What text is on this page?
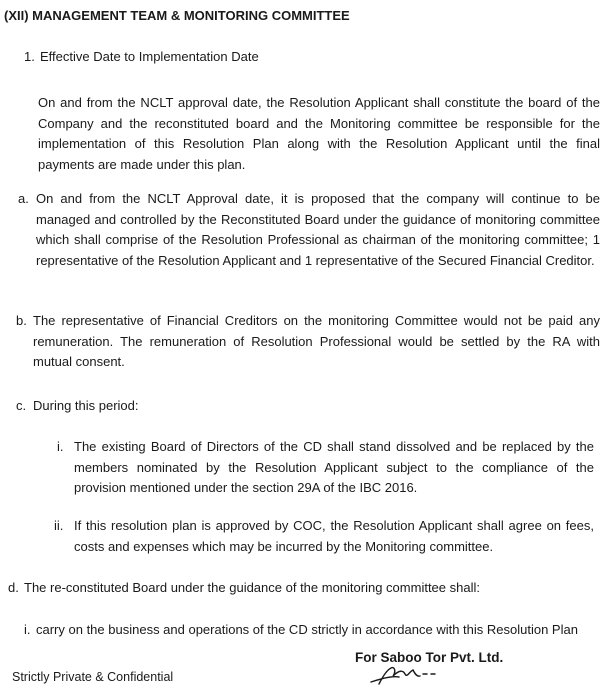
(XII) MANAGEMENT TEAM & MONITORING COMMITTEE
1. Effective Date to Implementation Date

On and from the NCLT approval date, the Resolution Applicant shall constitute the board of the Company and the reconstituted board and the Monitoring committee be responsible for the implementation of this Resolution Plan along with the Resolution Applicant until the final payments are made under this plan.

a. On and from the NCLT Approval date, it is proposed that the company will continue to be managed and controlled by the Reconstituted Board under the guidance of monitoring committee which shall comprise of the Resolution Professional as chairman of the monitoring committee; 1 representative of the Resolution Applicant and 1 representative of the Secured Financial Creditor.

b. The representative of Financial Creditors on the monitoring Committee would not be paid any remuneration. The remuneration of Resolution Professional would be settled by the RA with mutual consent.

c. During this period:
i. The existing Board of Directors of the CD shall stand dissolved and be replaced by the members nominated by the Resolution Applicant subject to the compliance of the provision mentioned under the section 29A of the IBC 2016.

ii. If this resolution plan is approved by COC, the Resolution Applicant shall agree on fees, costs and expenses which may be incurred by the Monitoring committee.

d. The re-constituted Board under the guidance of the monitoring committee shall:
i. carry on the business and operations of the CD strictly in accordance with this Resolution Plan

Strictly Private & Confidential
For Saboo Tor Pvt. Ltd.
